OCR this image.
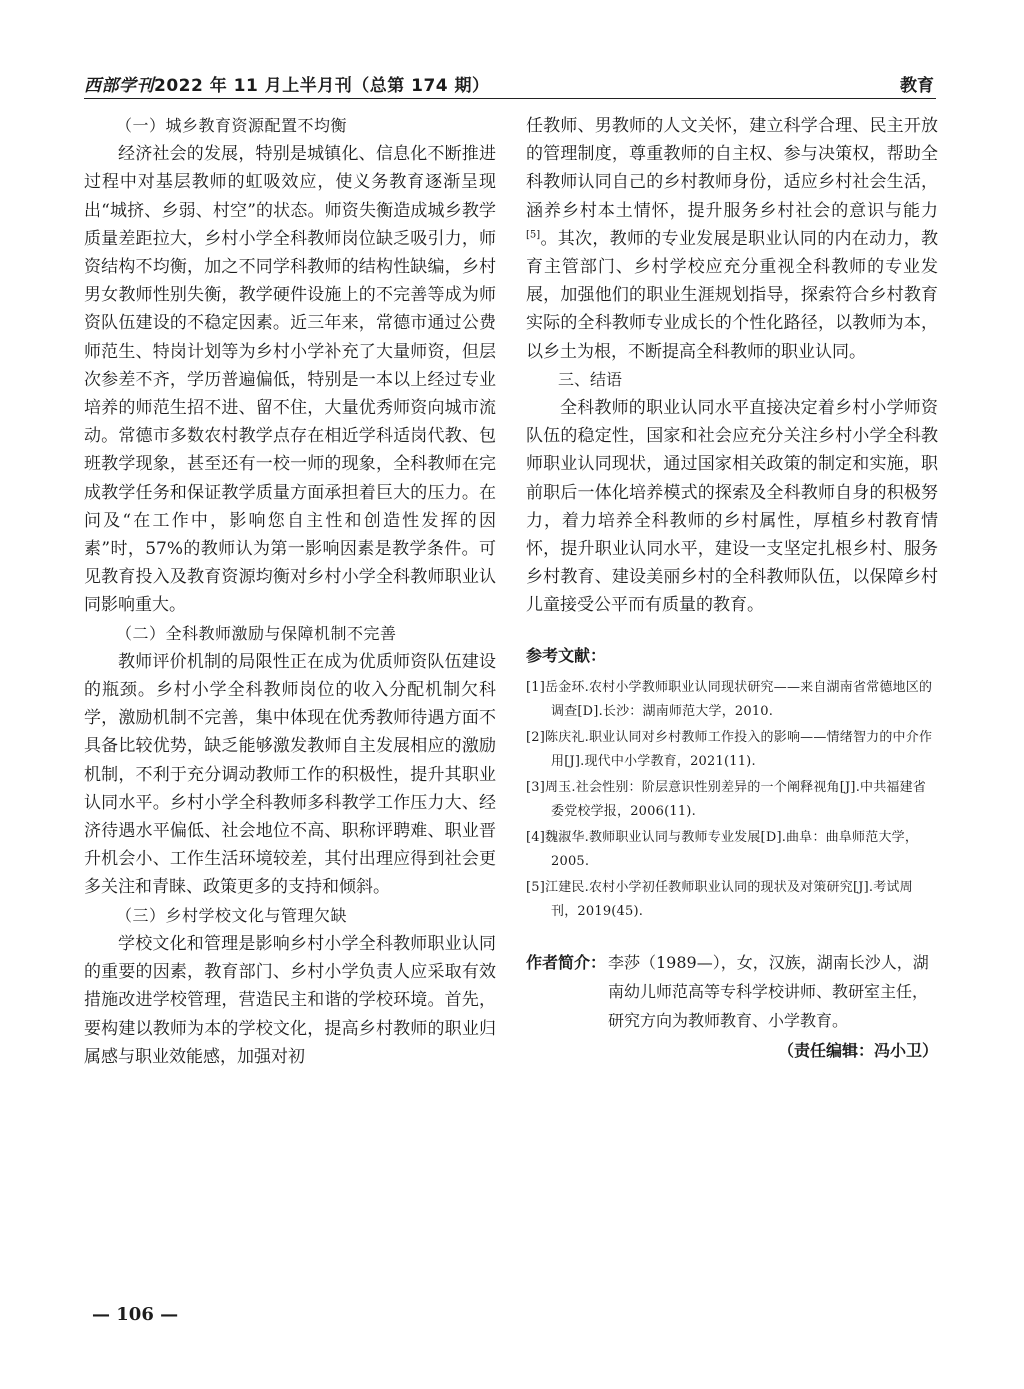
西部学刊2022 年 11 月上半月刊（总第 174 期）	教育

（一）城乡教育资源配置不均衡

经济社会的发展，特别是城镇化、信息化不断推进过程中对基层教师的虹吸效应，使义务教育逐渐呈现出“城挤、乡弱、村空”的状态。师资失衡造成城乡教学质量差距拉大，乡村小学全科教师岗位缺乏吸引力，师资结构不均衡，加之不同学科教师的结构性缺编，乡村男女教师性别失衡，教学硬件设施上的不完善等成为师资队伍建设的不稳定因素。近三年来，常德市通过公费师范生、特岗计划等为乡村小学补充了大量师资，但层次参差不齐，学历普遍偏低，特别是一本以上经过专业培养的师范生招不进、留不住，大量优秀师资向城市流动。常德市多数农村教学点存在相近学科适岗代教、包班教学现象，甚至还有一校一师的现象，全科教师在完成教学任务和保证教学质量方面承担着巨大的压力。在问及“在工作中，影响您自主性和创造性发挥的因素”时，57%的教师认为第一影响因素是教学条件。可见教育投入及教育资源均衡对乡村小学全科教师职业认同影响重大。

（二）全科教师激励与保障机制不完善

教师评价机制的局限性正在成为优质师资队伍建设的瓶颈。乡村小学全科教师岗位的收入分配机制欠科学，激励机制不完善，集中体现在优秀教师待遇方面不具备比较优势，缺乏能够激发教师自主发展相应的激励机制，不利于充分调动教师工作的积极性，提升其职业认同水平。乡村小学全科教师多科教学工作压力大、经济待遇水平偏低、社会地位不高、职称评聘难、职业晋升机会小、工作生活环境较差，其付出理应得到社会更多关注和青睐、政策更多的支持和倾斜。

（三）乡村学校文化与管理欠缺

学校文化和管理是影响乡村小学全科教师职业认同的重要的因素，教育部门、乡村小学负责人应采取有效措施改进学校管理，营造民主和谐的学校环境。首先，要构建以教师为本的学校文化，提高乡村教师的职业归属感与职业效能感，加强对初

任教师、男教师的人文关怀，建立科学合理、民主开放的管理制度，尊重教师的自主权、参与决策权，帮助全科教师认同自己的乡村教师身份，适应乡村社会生活，涵养乡村本土情怀，提升服务乡村社会的意识与能力[5]。其次，教师的专业发展是职业认同的内在动力，教育主管部门、乡村学校应充分重视全科教师的专业发展，加强他们的职业生涯规划指导，探索符合乡村教育实际的全科教师专业成长的个性化路径，以教师为本，以乡土为根，不断提高全科教师的职业认同。

三、结语

全科教师的职业认同水平直接决定着乡村小学师资队伍的稳定性，国家和社会应充分关注乡村小学全科教师职业认同现状，通过国家相关政策的制定和实施，职前职后一体化培养模式的探索及全科教师自身的积极努力，着力培养全科教师的乡村属性，厚植乡村教育情怀，提升职业认同水平，建设一支坚定扎根乡村、服务乡村教育、建设美丽乡村的全科教师队伍，以保障乡村儿童接受公平而有质量的教育。

参考文献：
[1]岳金环.农村小学教师职业认同现状研究——来自湖南省常德地区的调查[D].长沙：湖南师范大学，2010.
[2]陈庆礼.职业认同对乡村教师工作投入的影响——情绪智力的中介作用[J].现代中小学教育，2021(11).
[3]周玉.社会性别：阶层意识性别差异的一个阐释视角[J].中共福建省委党校学报，2006(11).
[4]魏淑华.教师职业认同与教师专业发展[D].曲阜：曲阜师范大学，2005.
[5]江建民.农村小学初任教师职业认同的现状及对策研究[J].考试周刊，2019(45).
作者简介： 李莎（1989—），女，汉族，湖南长沙人，湖南幼儿师范高等专科学校讲师、教研室主任，研究方向为教师教育、小学教育。
（责任编辑：冯小卫）
— 106 —
